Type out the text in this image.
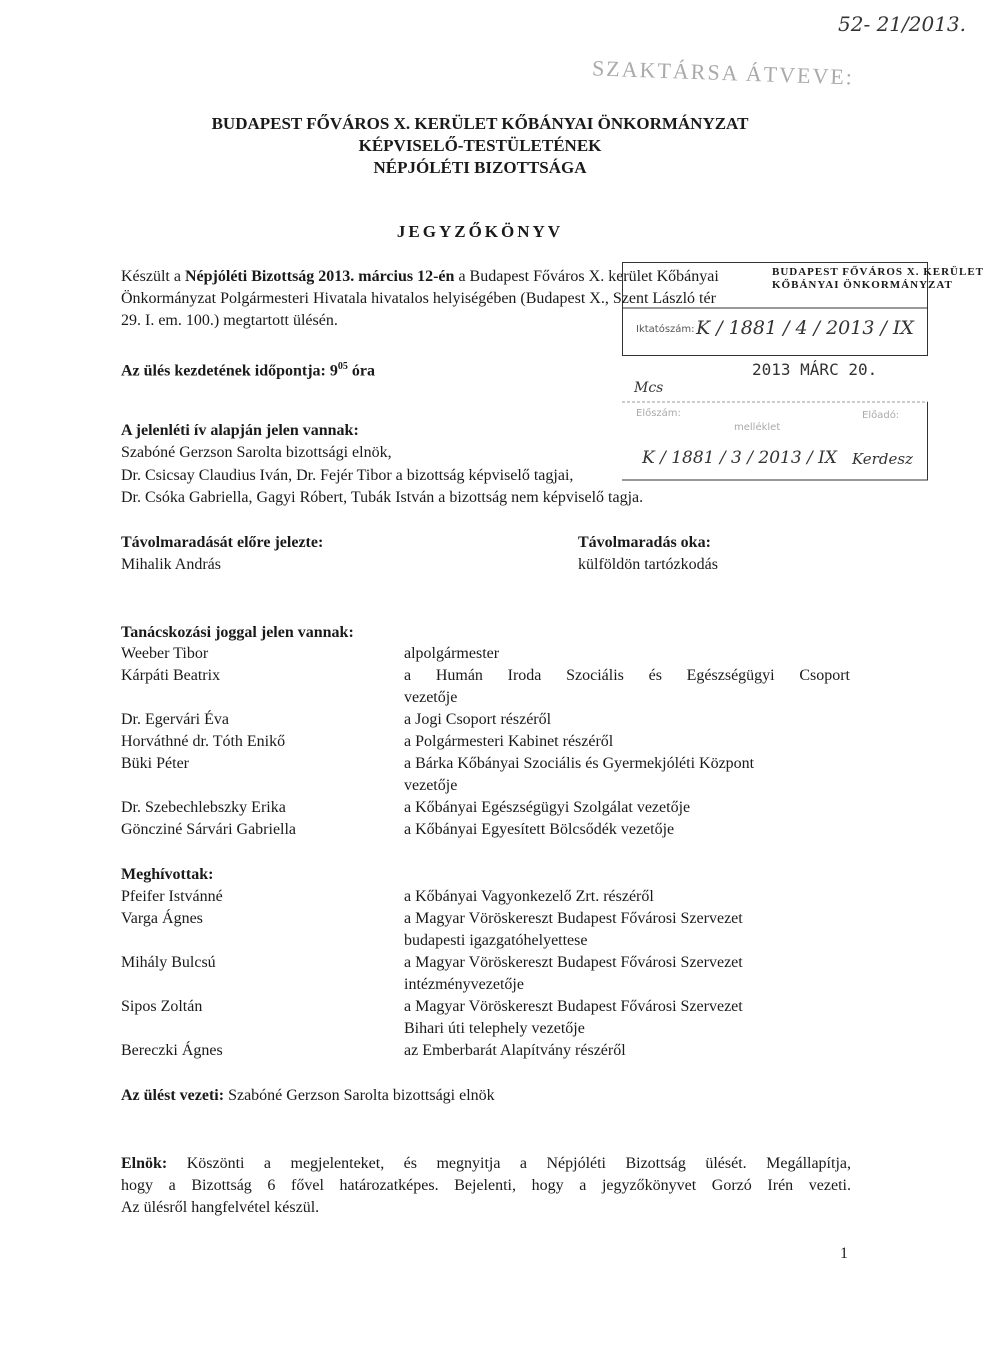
52- 21/2013.
SZAKTÁRSA ÁTVEVE:
BUDAPEST FŐVÁROS X. KERÜLET KŐBÁNYAI ÖNKORMÁNYZAT
KÉPVISELŐ-TESTÜLETÉNEK
NÉPJÓLÉTI BIZOTTSÁGA
JEGYZŐKÖNYV
Készült a Népjóléti Bizottság 2013. március 12-én a Budapest Főváros X. kerület Kőbányai
Önkormányzat Polgármesteri Hivatala hivatalos helyiségében (Budapest X., Szent László tér
29. I. em. 100.) megtartott ülésén.
Az ülés kezdetének időpontja: $9^{05}$ óra
BUDAPEST FŐVÁROS X. KERÜLET
KŐBÁNYAI ÖNKORMÁNYZAT
Iktatószám: K / 1881 / 4 / 2013 / IX
2013 MÁRC 20.
Mcs
Előszám:
melléklet
Előadó:
K / 1881 / 3 / 2013 / IX Kerdesz
A jelenléti ív alapján jelen vannak:
Szabóné Gerzson Sarolta bizottsági elnök,
Dr. Csicsay Claudius Iván, Dr. Fejér Tibor a bizottság képviselő tagjai,
Dr. Csóka Gabriella, Gagyi Róbert, Tubák István a bizottság nem képviselő tagja.
Távolmaradását előre jelezte:
Mihalik András
Távolmaradás oka:
külföldön tartózkodás
Tanácskozási joggal jelen vannak:
Weeber Tibor	alpolgármester
Kárpáti Beatrix	a Humán Iroda Szociális és Egészségügyi Csoport
vezetője
Dr. Egervári Éva	a Jogi Csoport részéről
Horváthné dr. Tóth Enikő	a Polgármesteri Kabinet részéről
Büki Péter	a Bárka Kőbányai Szociális és Gyermekjóléti Központ
vezetője
Dr. Szebechlebszky Erika	a Kőbányai Egészségügyi Szolgálat vezetője
Göncziné Sárvári Gabriella	a Kőbányai Egyesített Bölcsődék vezetője
Meghívottak:
Pfeifer Istvánné	a Kőbányai Vagyonkezelő Zrt. részéről
Varga Ágnes	a Magyar Vöröskereszt Budapest Fővárosi Szervezet
budapesti igazgatóhelyettese
Mihály Bulcsú	a Magyar Vöröskereszt Budapest Fővárosi Szervezet
intézményvezetője
Sipos Zoltán	a Magyar Vöröskereszt Budapest Fővárosi Szervezet
Bihari úti telephely vezetője
Bereczki Ágnes	az Emberbarát Alapítvány részéről
Az ülést vezeti: Szabóné Gerzson Sarolta bizottsági elnök
Elnök: Köszönti a megjelenteket, és megnyitja a Népjóléti Bizottság ülését. Megállapítja,
hogy a Bizottság 6 fővel határozatképes. Bejelenti, hogy a jegyzőkönyvet Gorzó Irén vezeti.
Az ülésről hangfelvétel készül.
1
